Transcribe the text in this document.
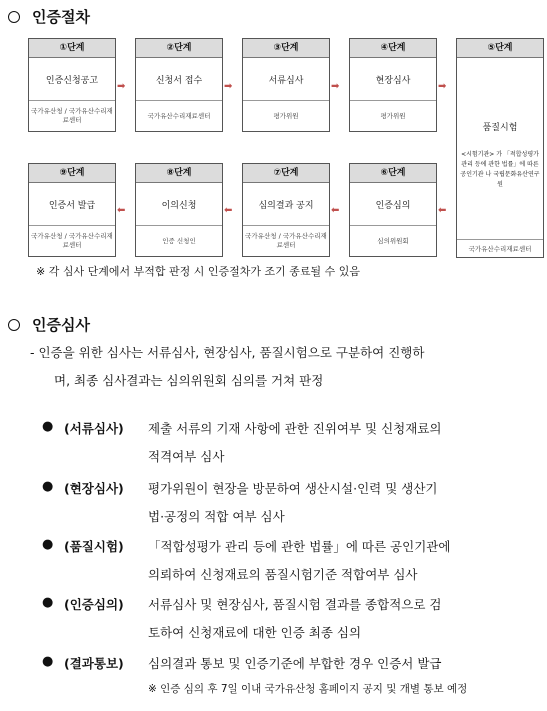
인증절차
①단계
인증신청공고
국가유산청 / 국가유산수리재료센터
➡
②단계
신청서 접수
국가유산수리재료센터
➡
③단계
서류심사
평가위원
➡
④단계
현장심사
평가위원
➡
⑤단계
품질시험
<시험기관> 가 「적합성평가 관리 등에 관한 법률」에 따른 공인기관 나 국립문화유산연구원
국가유산수리재료센터
⬅
⑥단계
인증심의
심의위원회
⬅
⑦단계
심의결과 공지
국가유산청 / 국가유산수리재료센터
⬅
⑧단계
이의신청
인증 신청인
⬅
⑨단계
인증서 발급
국가유산청 / 국가유산수리재료센터
※ 각 심사 단계에서 부적합 판정 시 인증절차가 조기 종료될 수 있음
인증심사
- 인증을 위한 심사는 서류심사, 현장심사, 품질시험으로 구분하여 진행하
며, 최종 심사결과는 심의위원회 심의를 거쳐 판정
● (서류심사) 제출 서류의 기재 사항에 관한 진위여부 및 신청재료의
적격여부 심사
● (현장심사) 평가위원이 현장을 방문하여 생산시설·인력 및 생산기
법·공정의 적합 여부 심사
● (품질시험) 「적합성평가 관리 등에 관한 법률」에 따른 공인기관에
의뢰하여 신청재료의 품질시험기준 적합여부 심사
● (인증심의) 서류심사 및 현장심사, 품질시험 결과를 종합적으로 검
토하여 신청재료에 대한 인증 최종 심의
● (결과통보) 심의결과 통보 및 인증기준에 부합한 경우 인증서 발급
※ 인증 심의 후 7일 이내 국가유산청 홈페이지 공지 및 개별 통보 예정
